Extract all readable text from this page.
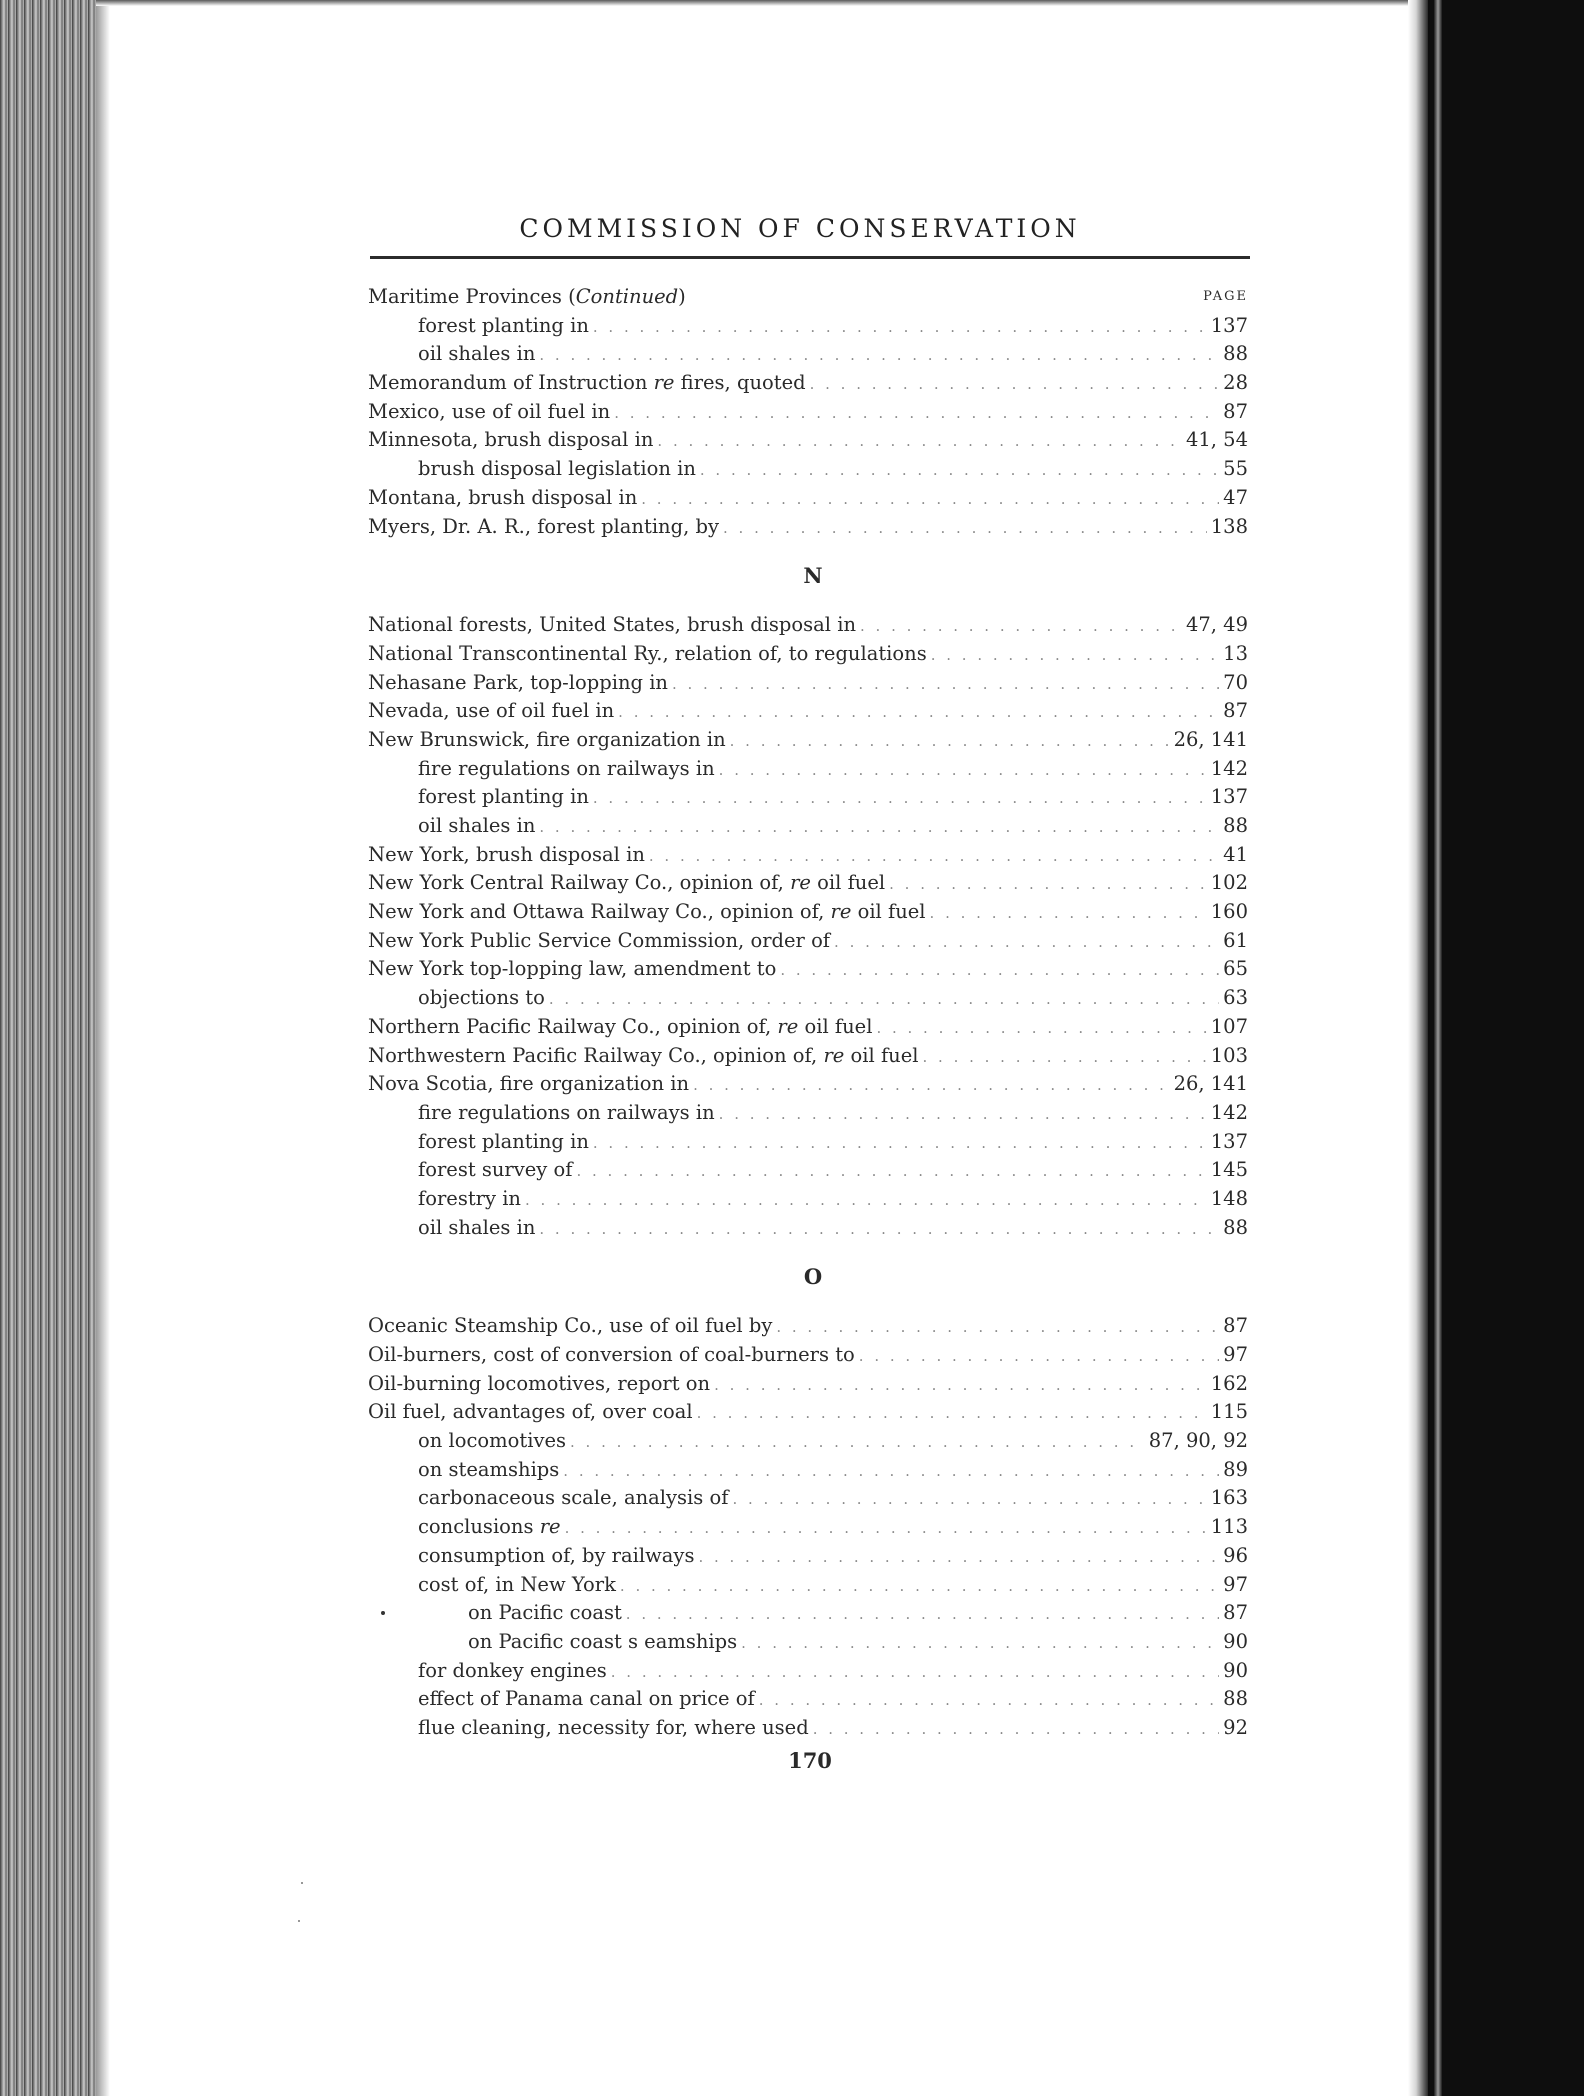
COMMISSION OF CONSERVATION
Maritime Provinces (Continued)	PAGE
forest planting in . . .	137
oil shales in . . .	88
Memorandum of Instruction re fires, quoted . . .	28
Mexico, use of oil fuel in . . .	87
Minnesota, brush disposal in . . .	41, 54
brush disposal legislation in . . .	55
Montana, brush disposal in . . .	47
Myers, Dr. A. R., forest planting, by . . .	138
N
National forests, United States, brush disposal in . . .	47, 49
National Transcontinental Ry., relation of, to regulations . . .	13
Nehasane Park, top-lopping in . . .	70
Nevada, use of oil fuel in . . .	87
New Brunswick, fire organization in . . .	26, 141
fire regulations on railways in . . .	142
forest planting in . . .	137
oil shales in . . .	88
New York, brush disposal in . . .	41
New York Central Railway Co., opinion of, re oil fuel . . .	102
New York and Ottawa Railway Co., opinion of, re oil fuel . . .	160
New York Public Service Commission, order of . . .	61
New York top-lopping law, amendment to . . .	65
objections to . . .	63
Northern Pacific Railway Co., opinion of, re oil fuel . . .	107
Northwestern Pacific Railway Co., opinion of, re oil fuel . . .	103
Nova Scotia, fire organization in . . .	26, 141
fire regulations on railways in . . .	142
forest planting in . . .	137
forest survey of . . .	145
forestry in . . .	148
oil shales in . . .	88
O
Oceanic Steamship Co., use of oil fuel by . . .	87
Oil-burners, cost of conversion of coal-burners to . . .	97
Oil-burning locomotives, report on . . .	162
Oil fuel, advantages of, over coal . . .	115
on locomotives . . .	87, 90, 92
on steamships . . .	89
carbonaceous scale, analysis of . . .	163
conclusions re . . .	113
consumption of, by railways . . .	96
cost of, in New York . . .	97
on Pacific coast . . .	87
on Pacific coast s eamships . . .	90
for donkey engines . . .	90
effect of Panama canal on price of . . .	88
flue cleaning, necessity for, where used . . .	92
170
